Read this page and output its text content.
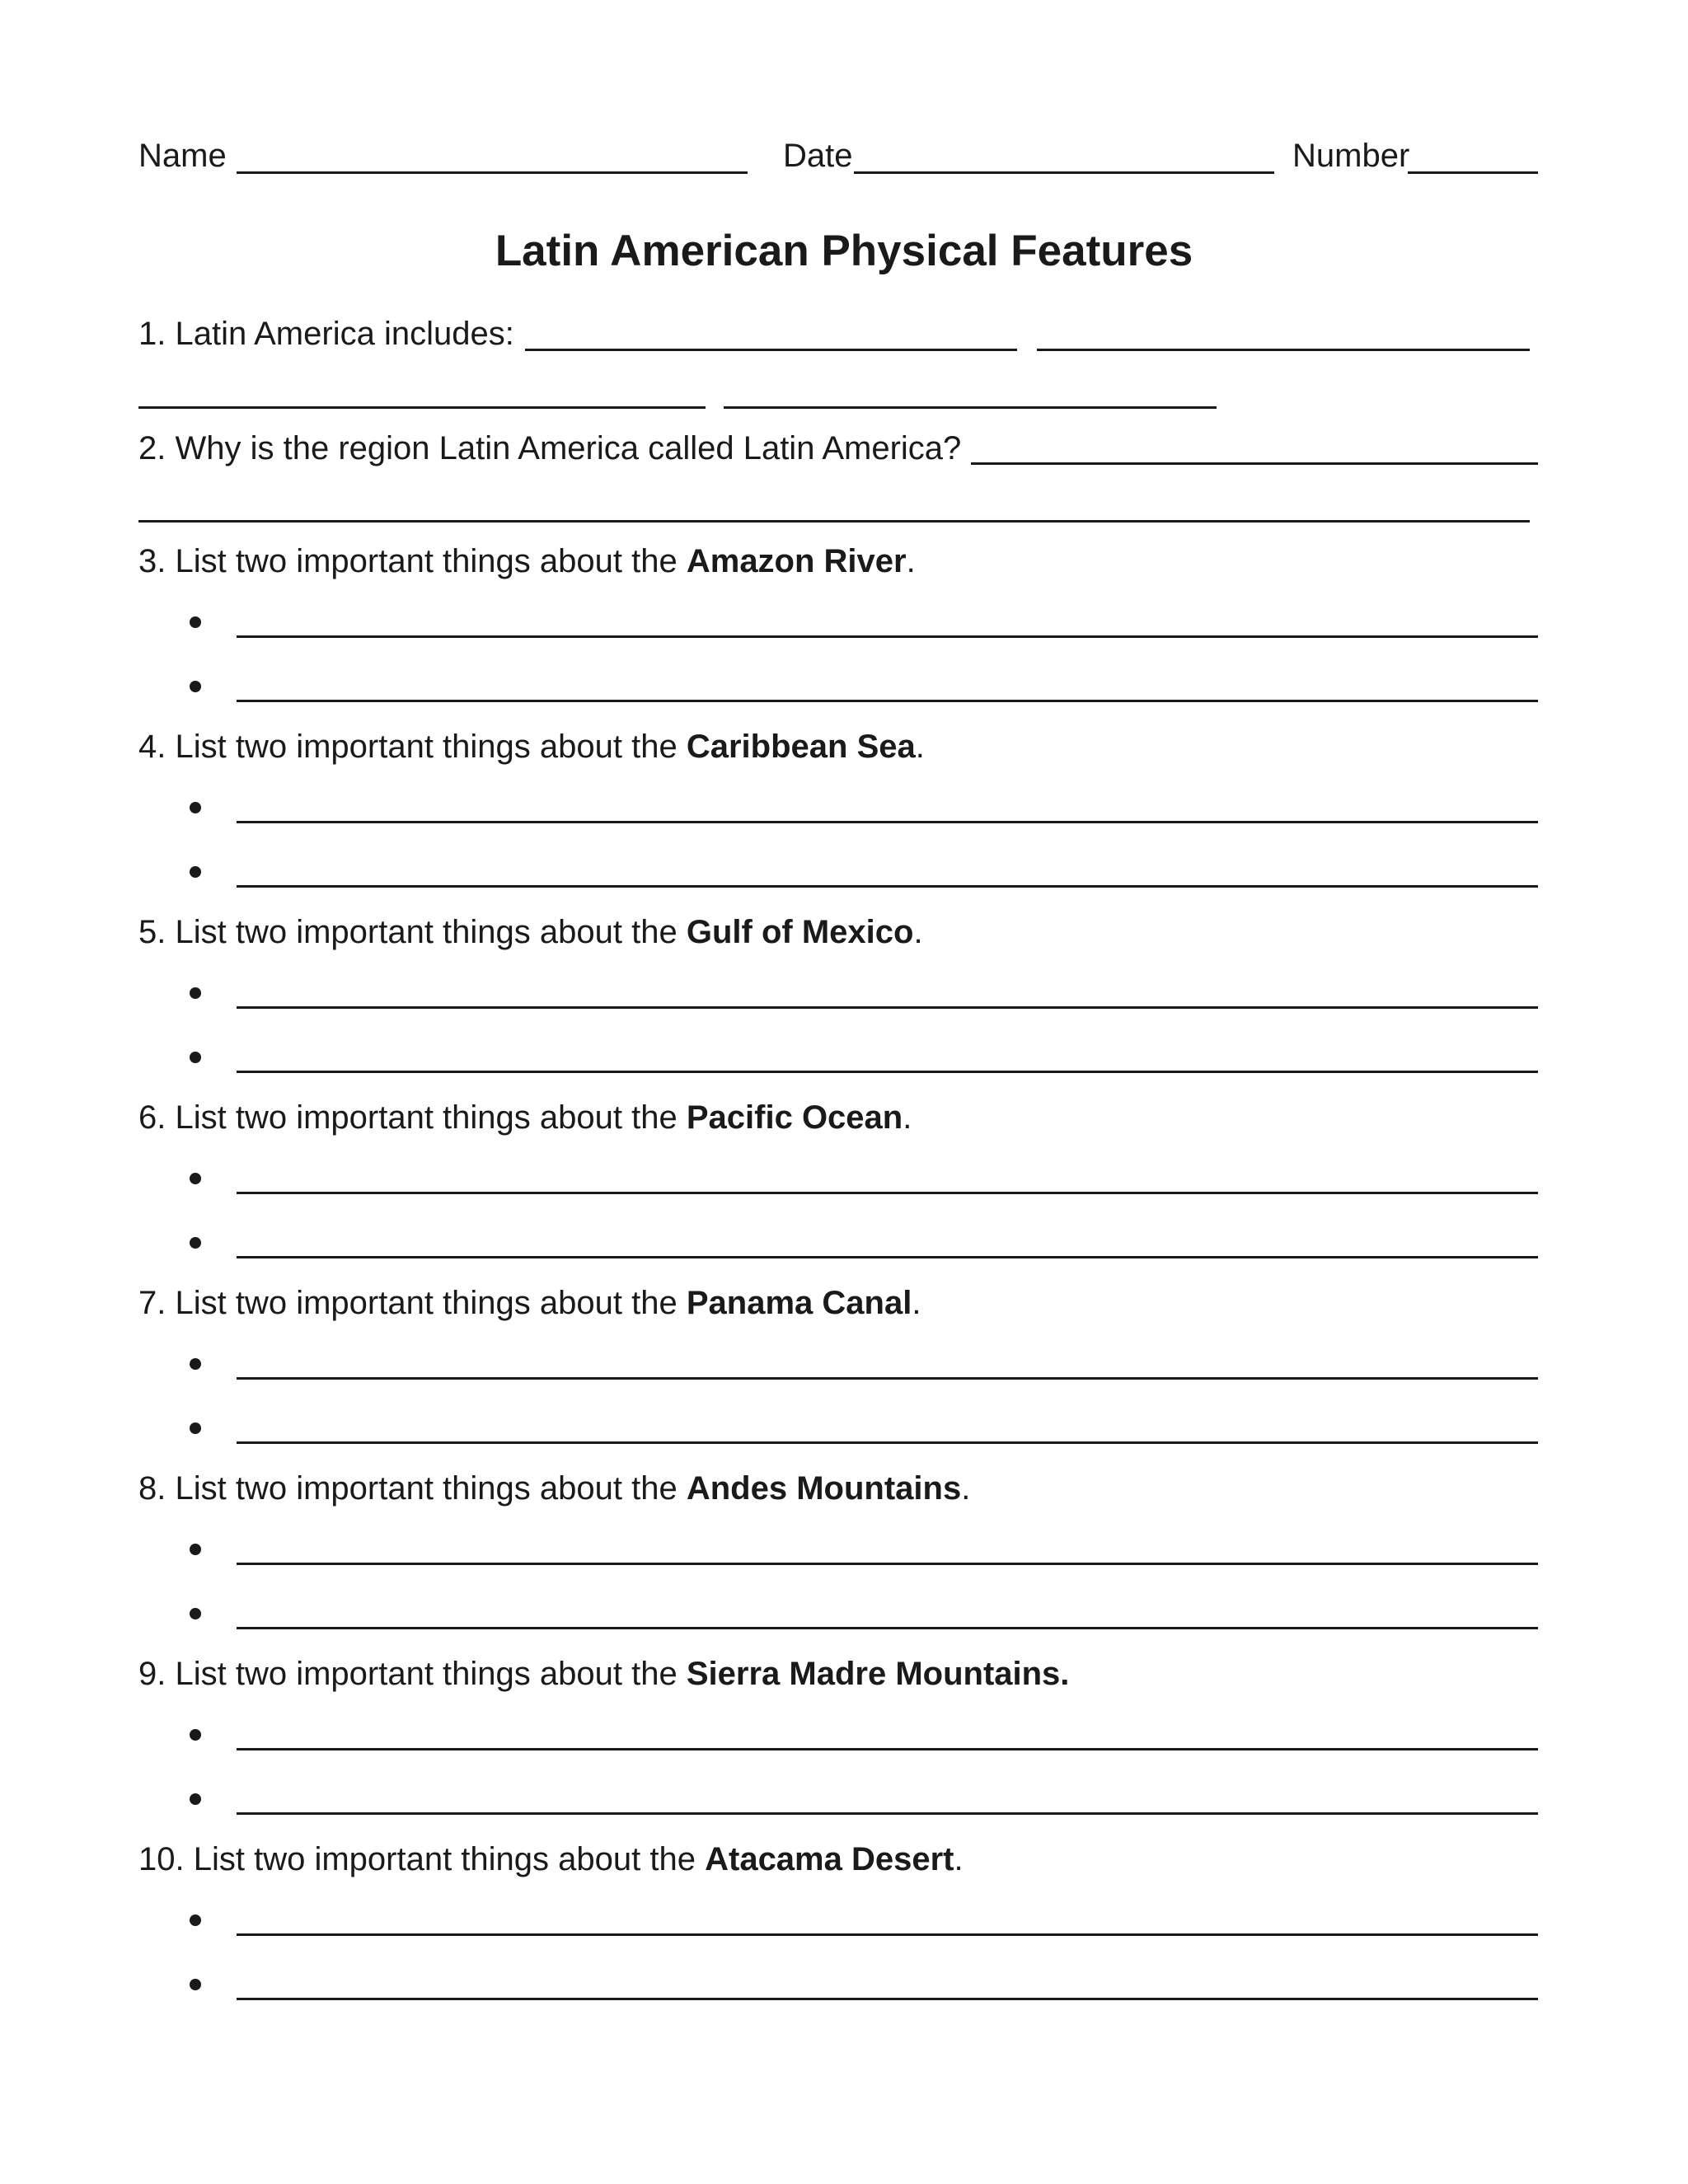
Name	Date	Number
Latin American Physical Features
1. Latin America includes:
2. Why is the region Latin America called Latin America?
3. List two important things about the Amazon River.
4. List two important things about the Caribbean Sea.
5. List two important things about the Gulf of Mexico.
6. List two important things about the Pacific Ocean.
7. List two important things about the Panama Canal.
8. List two important things about the Andes Mountains.
9. List two important things about the Sierra Madre Mountains.
10. List two important things about the Atacama Desert.
